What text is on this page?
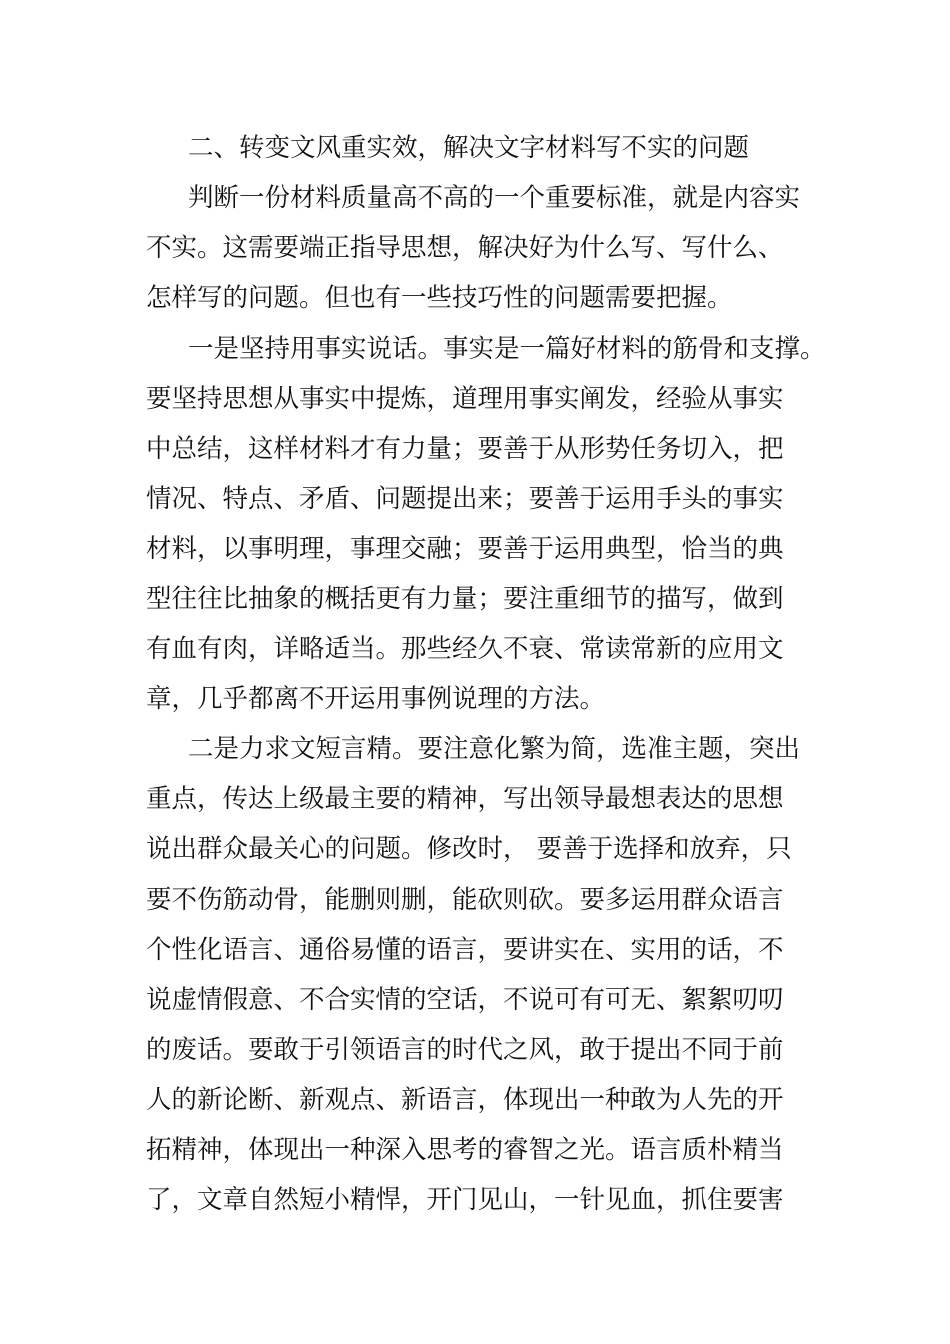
二、转变文风重实效，解决文字材料写不实的问题

判断一份材料质量高不高的一个重要标准，就是内容实

不实。这需要端正指导思想，解决好为什么写、写什么、

怎样写的问题。但也有一些技巧性的问题需要把握。

一是坚持用事实说话。事实是一篇好材料的筋骨和支撑。

要坚持思想从事实中提炼，道理用事实阐发，经验从事实

中总结，这样材料才有力量；要善于从形势任务切入，把

情况、特点、矛盾、问题提出来；要善于运用手头的事实

材料，以事明理，事理交融；要善于运用典型，恰当的典

型往往比抽象的概括更有力量；要注重细节的描写，做到

有血有肉，详略适当。那些经久不衰、常读常新的应用文

章，几乎都离不开运用事例说理的方法。

二是力求文短言精。要注意化繁为简，选准主题，突出

重点，传达上级最主要的精神，写出领导最想表达的思想

说出群众最关心的问题。修改时， 要善于选择和放弃，只

要不伤筋动骨，能删则删，能砍则砍。要多运用群众语言

个性化语言、通俗易懂的语言，要讲实在、实用的话，不

说虚情假意、不合实情的空话，不说可有可无、絮絮叨叨

的废话。要敢于引领语言的时代之风，敢于提出不同于前

人的新论断、新观点、新语言，体现出一种敢为人先的开

拓精神，体现出一种深入思考的睿智之光。语言质朴精当

了，文章自然短小精悍，开门见山，一针见血，抓住要害
